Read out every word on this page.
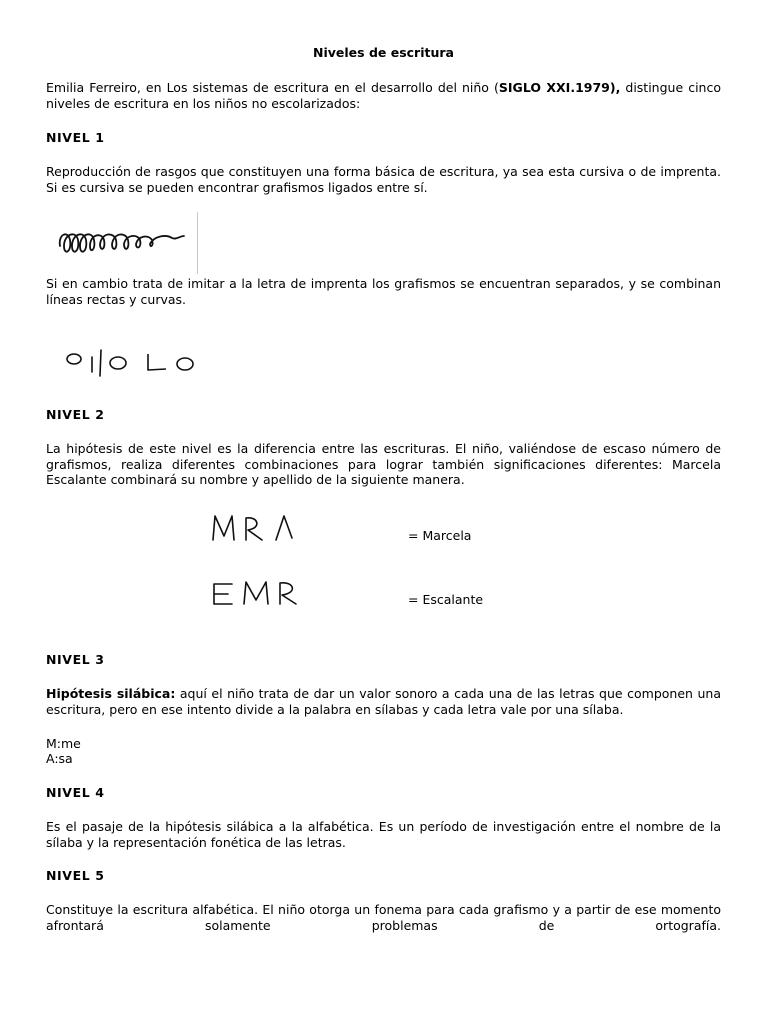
Niveles de escritura
Emilia Ferreiro, en Los sistemas de escritura en el desarrollo del niño (SIGLO XXI.1979), distingue cinco niveles de escritura en los niños no escolarizados:
NIVEL 1
Reproducción de rasgos que constituyen una forma básica de escritura, ya sea esta cursiva o de imprenta. Si es cursiva se pueden encontrar grafismos ligados entre sí.
Si en cambio trata de imitar a la letra de imprenta los grafismos se encuentran separados, y se combinan líneas rectas y curvas.
NIVEL 2
La hipótesis de este nivel es la diferencia entre las escrituras. El niño, valiéndose de escaso número de grafismos, realiza diferentes combinaciones para lograr también significaciones diferentes: Marcela Escalante combinará su nombre y apellido de la siguiente manera.
= Marcela
= Escalante
NIVEL 3
Hipótesis silábica: aquí el niño trata de dar un valor sonoro a cada una de las letras que componen una escritura, pero en ese intento divide a la palabra en sílabas y cada letra vale por una sílaba.
M:me
A:sa
NIVEL 4
Es el pasaje de la hipótesis silábica a la alfabética. Es un período de investigación entre el nombre de la sílaba y la representación fonética de las letras.
NIVEL 5
Constituye la escritura alfabética. El niño otorga un fonema para cada grafismo y a partir de ese momento afrontará solamente problemas de ortografía.
